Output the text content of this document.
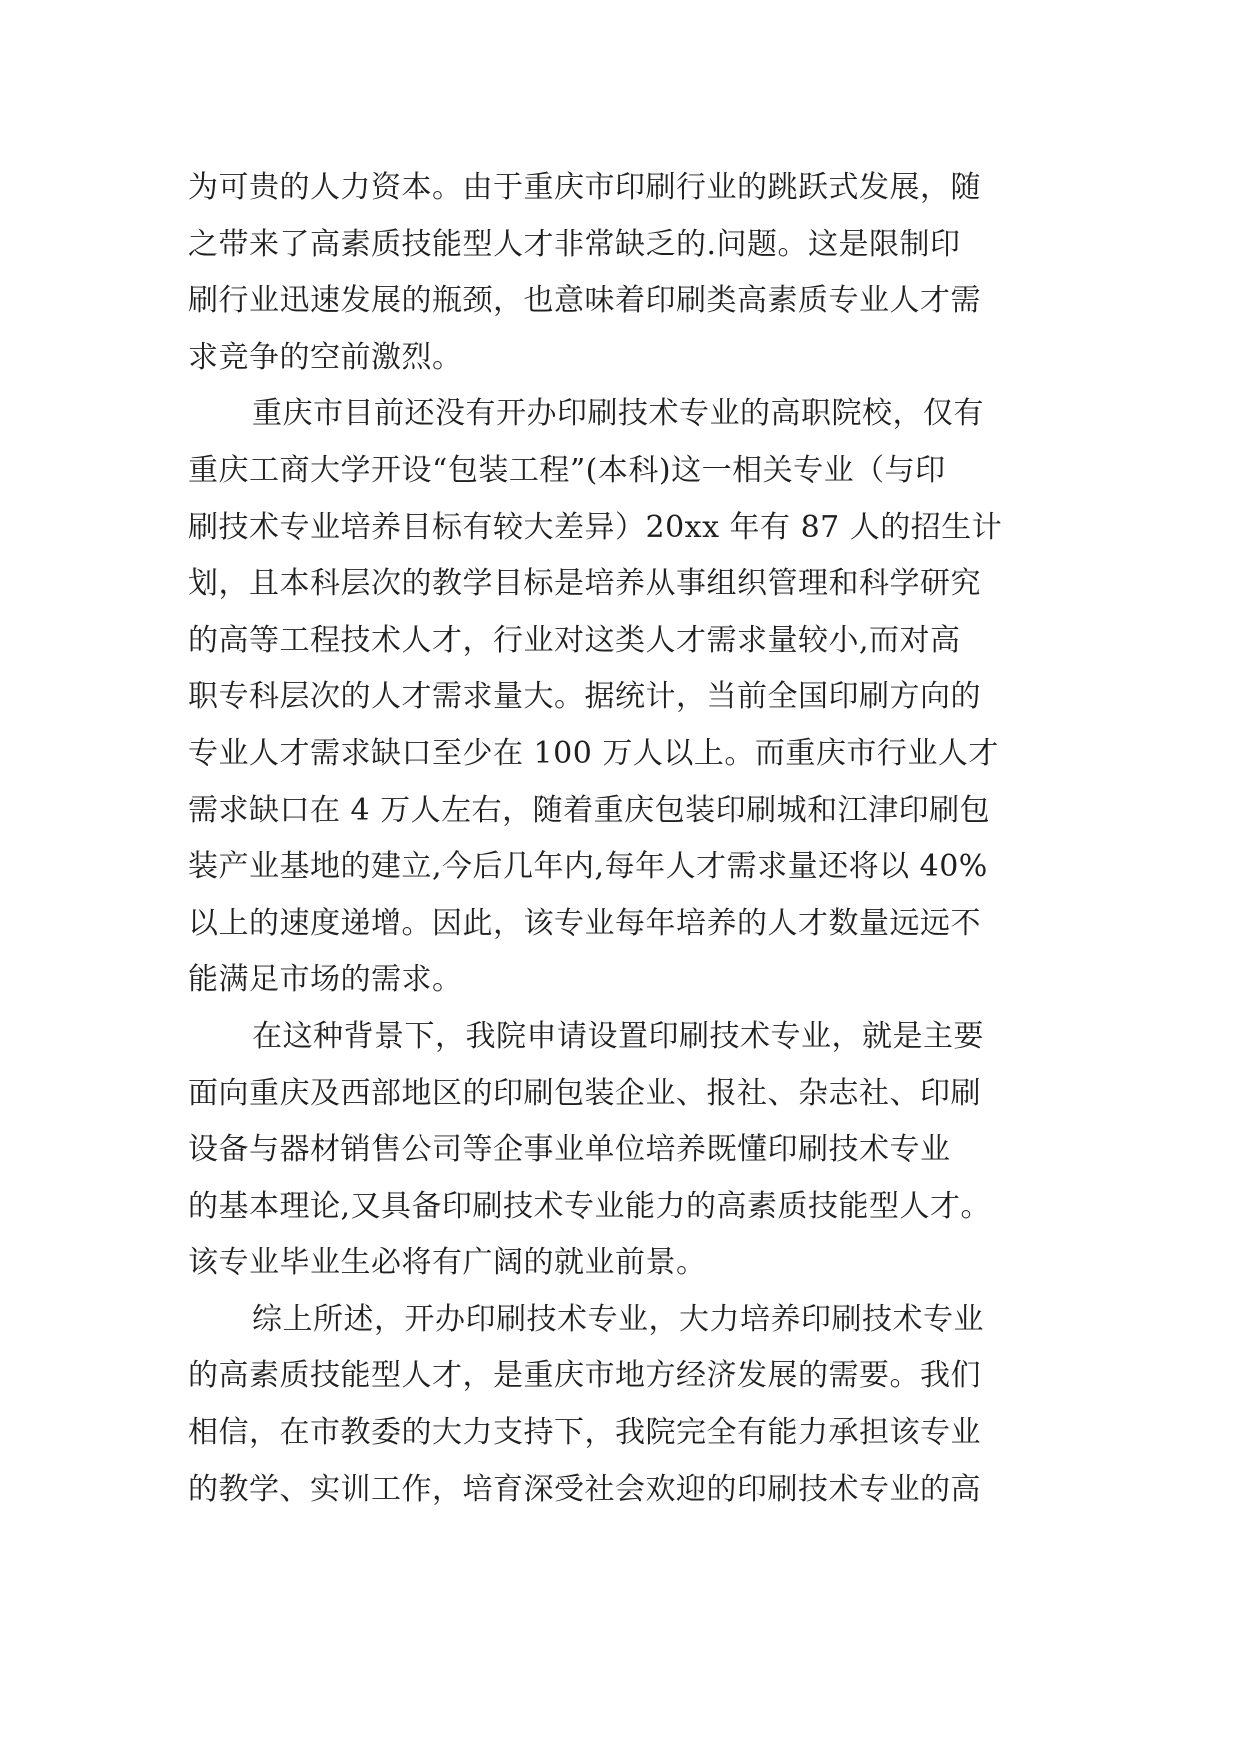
为可贵的人力资本。由于重庆市印刷行业的跳跃式发展，随
之带来了高素质技能型人才非常缺乏的.问题。这是限制印
刷行业迅速发展的瓶颈，也意味着印刷类高素质专业人才需
求竞争的空前激烈。
重庆市目前还没有开办印刷技术专业的高职院校，仅有
重庆工商大学开设“包装工程”(本科)这一相关专业（与印
刷技术专业培养目标有较大差异）20xx 年有 87 人的招生计
划，且本科层次的教学目标是培养从事组织管理和科学研究
的高等工程技术人才，行业对这类人才需求量较小,而对高
职专科层次的人才需求量大。据统计，当前全国印刷方向的
专业人才需求缺口至少在 100 万人以上。而重庆市行业人才
需求缺口在 4 万人左右，随着重庆包装印刷城和江津印刷包
装产业基地的建立,今后几年内,每年人才需求量还将以 40%
以上的速度递增。因此，该专业每年培养的人才数量远远不
能满足市场的需求。
在这种背景下，我院申请设置印刷技术专业，就是主要
面向重庆及西部地区的印刷包装企业、报社、杂志社、印刷
设备与器材销售公司等企事业单位培养既懂印刷技术专业
的基本理论,又具备印刷技术专业能力的高素质技能型人才。
该专业毕业生必将有广阔的就业前景。
综上所述，开办印刷技术专业，大力培养印刷技术专业
的高素质技能型人才，是重庆市地方经济发展的需要。我们
相信，在市教委的大力支持下，我院完全有能力承担该专业
的教学、实训工作，培育深受社会欢迎的印刷技术专业的高
